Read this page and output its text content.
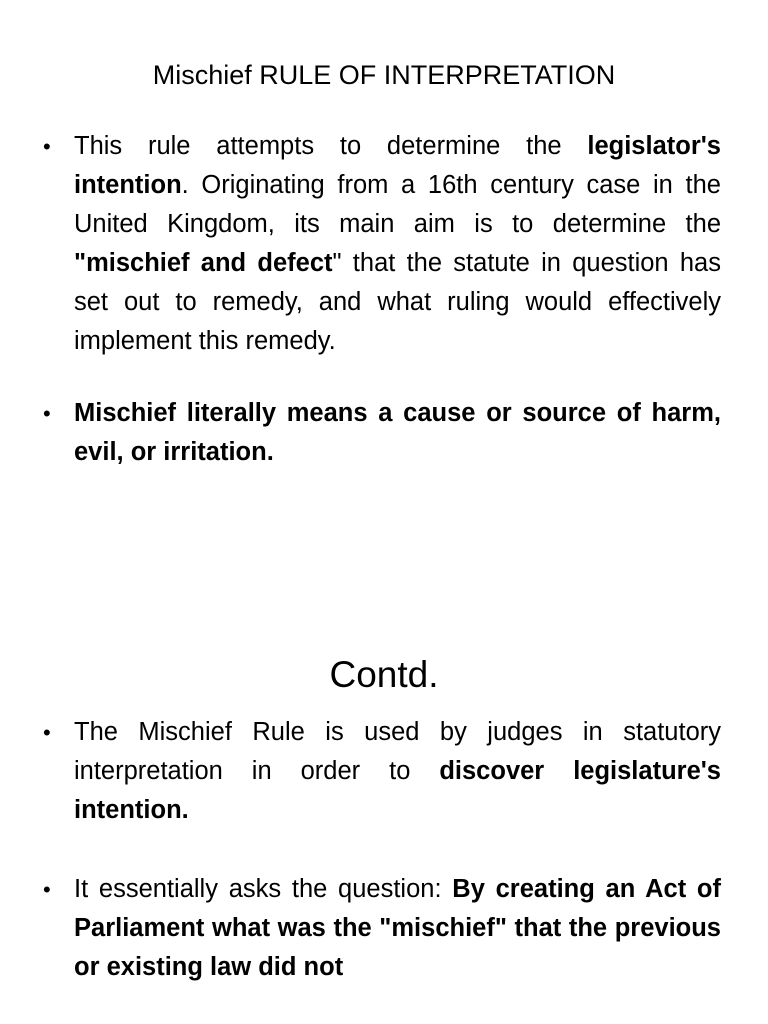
Mischief RULE OF INTERPRETATION
• This rule attempts to determine the legislator's intention. Originating from a 16th century case in the United Kingdom, its main aim is to determine the "mischief and defect" that the statute in question has set out to remedy, and what ruling would effectively implement this remedy.
• Mischief literally means a cause or source of harm, evil, or irritation.
Contd.
• The Mischief Rule is used by judges in statutory interpretation in order to discover legislature's intention.
• It essentially asks the question: By creating an Act of Parliament what was the "mischief" that the previous or existing law did not
